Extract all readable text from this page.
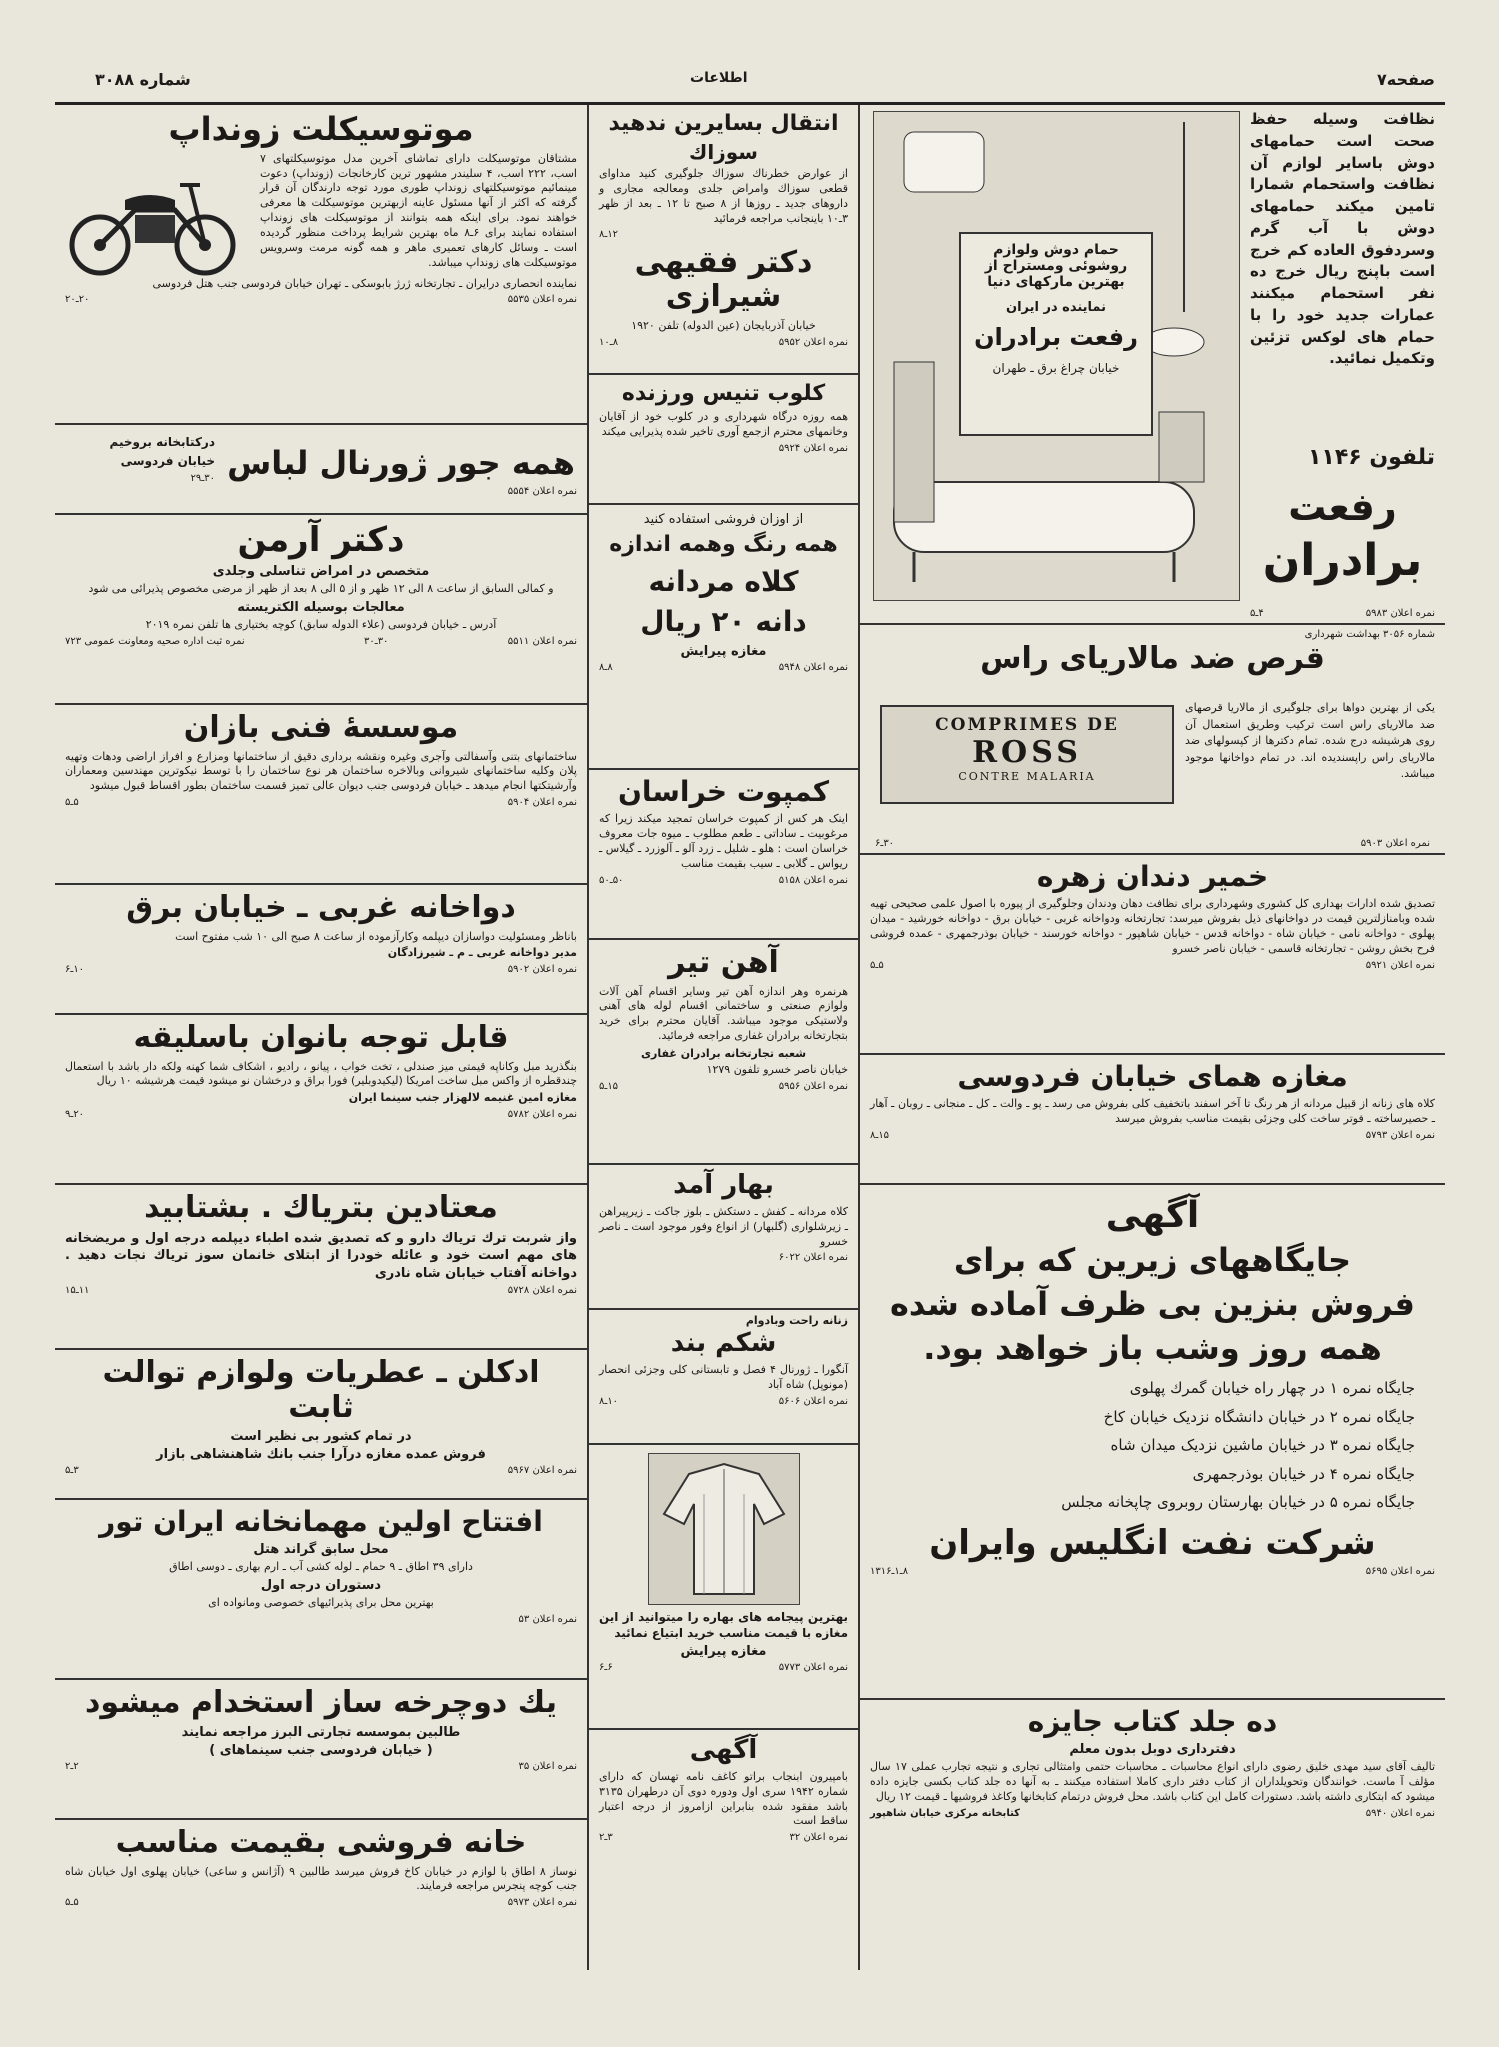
صفحه۷
اطلاعات
شماره ۳۰۸۸
نظافت وسیله حفظ صحت است حمامهای دوش باسایر لوازم آن نظافت واستحمام شمارا تامین میکند حمامهای دوش با آب گرم وسردفوق العاده کم خرج است باپنج ریال خرج ده نفر استحمام میکنند عمارات جدید خود را با حمام های لوکس تزئین وتکمیل نمائید.
تلفون ۱۱۴۶
رفعت
برادران
حمام دوش ولوازم روشوئی ومستراح از بهترین مارکهای دنیا
نماینده در ایران
رفعت برادران
خیابان چراغ برق ـ طهران
نمره اعلان ۵۹۸۳
۴ـ۵
شماره ۳۰۵۶ بهداشت شهرداری
قرص ضد مالاریای راس
یکی از بهترین دواها برای جلوگیری از مالاریا قرصهای ضد مالاریای راس است ترکیب وطریق استعمال آن روی هرشیشه درج شده. تمام دکترها از کپسولهای ضد مالاریای راس راپسندیده اند. در تمام دواخانها موجود میباشد.
COMPRIMES DE
ROSS
CONTRE MALARIA
نمره اعلان ۵۹۰۳
۳۰ـ۶
خمیر دندان زهره

تصدیق شده ادارات بهداری کل کشوری وشهرداری برای نظافت دهان ودندان وجلوگیری از پیوره با اصول علمی صحیحی تهیه شده وبامنازلترین قیمت در دواخانهای ذیل بفروش میرسد: تجارتخانه ودواخانه غربی - خیابان برق - دواخانه خورشید - میدان پهلوی - دواخانه نامی - خیابان شاه - دواخانه قدس - خیابان شاهپور - دواخانه خورسند - خیابان بوذرجمهری - عمده فروشی فرح بخش روشن - تجارتخانه قاسمی - خیابان ناصر خسرو

نمره اعلان ۵۹۲۱
۵ـ۵
مغازه همای خیابان فردوسی

کلاه های زنانه از قبیل مردانه از هر رنگ تا آخر اسفند باتخفیف کلی بفروش می رسد ـ پو ـ والت ـ کل ـ منجانی ـ روبان ـ آهار ـ حصیرساخته ـ فوتر ساخت کلی وجزئی بقیمت مناسب بفروش میرسد

نمره اعلان ۵۷۹۳
۱۵ـ۸
آگهی
جایگاههای زیرین که برای
فروش بنزین بی ظرف آماده شده
همه روز وشب باز خواهد بود.
جایگاه نمره ۱ در چهار راه خیابان گمرك پهلوی
جایگاه نمره ۲ در خیابان دانشگاه نزدیک خیابان کاخ
جایگاه نمره ۳ در خیابان ماشین نزدیک میدان شاه
جایگاه نمره ۴ در خیابان بوذرجمهری
جایگاه نمره ۵ در خیابان بهارستان روبروی چاپخانه مجلس
شرکت نفت انگلیس وایران
نمره اعلان ۵۶۹۵
۸ـ۱ـ۱۳۱۶
ده جلد کتاب جایزه
دفترداری دوبل بدون معلم

تالیف آقای سید مهدی خلیق رضوی دارای انواع محاسبات ـ محاسبات حتمی وامتثالی تجاری و نتیجه تجارب عملی ۱۷ سال مؤلف آ ماست. خوانندگان وتحویلداران از کتاب دفتر داری کاملا استفاده میکنند ـ به آنها ده جلد کتاب بکسی جایزه داده میشود که ابتکاری داشته باشد. دستورات کامل این کتاب باشد. محل فروش درتمام کتابخانها وکاغذ فروشیها ـ قیمت ۱۲ ریال

نمره اعلان ۵۹۴۰
کتابخانه مرکزی خیابان شاهپور
انتقال بسایرین ندهید
سوزاك

از عوارض خطرناك سوزاك جلوگیری کنید مداوای قطعی سوزاك وامراض جلدی ومعالجه مجاری و داروهای جدید ـ روزها از ۸ صبح تا ۱۲ ـ بعد از ظهر ۳ـ۱۰ باینجانب مراجعه فرمائید

۱۲ـ۸
دکتر فقیهی شیرازی

خیابان آذربایجان (عین الدوله) تلفن ۱۹۲۰

نمره اعلان ۵۹۵۲
۸ـ۱۰
کلوب تنیس ورزنده

همه روزه درگاه شهرداری و در کلوب خود از آقایان وخانمهای محترم ازجمع آوری تاخیر شده پذیرایی میکند

نمره اعلان ۵۹۲۴
از اوزان فروشی استفاده کنید
همه رنگ وهمه اندازه
کلاه مردانه
دانه ۲۰ ریال
مغازه پیرایش
نمره اعلان ۵۹۴۸
۸ـ۸
کمپوت خراسان

اینک هر کس از کمپوت خراسان تمجید میکند زیرا که مرغوبیت ـ ساداتی ـ طعم مطلوب ـ میوه جات معروف خراسان است : هلو ـ شلیل ـ زرد آلو ـ آلوزرد ـ گیلاس ـ ریواس ـ گلابی ـ سیب بقیمت مناسب

نمره اعلان ۵۱۵۸
۵۰ـ۵۰
آهن تیر

هرنمره وهر اندازه آهن تیر وسایر اقسام آهن آلات ولوازم صنعتی و ساختمانی اقسام لوله های آهنی ولاستیکی موجود میباشد. آقایان محترم برای خرید بتجارتخانه برادران غفاری مراجعه فرمائید.

شعبه تجارتخانه برادران غفاری

خیابان ناصر خسرو تلفون ۱۲۷۹

نمره اعلان ۵۹۵۶
۱۵ـ۵
بهار آمد

کلاه مردانه ـ کفش ـ دستکش ـ بلوز جاکت ـ زیرپیراهن ـ زیرشلواری (گلبهار) از انواع وفور موجود است ـ ناصر خسرو

نمره اعلان ۶۰۲۲
زنانه راحت وبادوام
شکم بند

آنگورا ـ ژورنال ۴ فصل و تابستانی کلی وجزئی انحصار (مونوپل) شاه آباد

نمره اعلان ۵۶۰۶
۱۰ـ۸

بهترین پیجامه های بهاره را میتوانید از این مغازه با قیمت مناسب خرید ابتیاع نمائید

مغازه پیرایش
نمره اعلان ۵۷۷۳
۶ـ۶
آگهی

بامپیرون ابنجاب براتو کاغف نامه تهسان که دارای شماره ۱۹۴۲ سری اول ودوره دوی آن درطهران ۳۱۳۵ باشد مفقود شده بنابراین ازامروز از درجه اعتبار ساقط است

نمره اعلان ۳۲
۳ـ۲
موتوسیکلت زونداپ

مشتاقان موتوسیکلت دارای تماشای آخرین مدل موتوسیکلتهای ۷ اسب، ۲۲۲ اسب، ۴ سلیندر مشهور ترین کارخانجات (زونداپ) دعوت مینمائیم موتوسیکلتهای زونداپ طوری مورد توجه دارندگان آن قرار گرفته که اکثر از آنها مسئول عاینه ازبهترین موتوسیکلت ها معرفی خواهند نمود. برای اینکه همه بتوانند از موتوسیکلت های زونداپ استفاده نمایند برای ۶ـ۸ ماه بهترین شرایط پرداخت منظور گردیده است ـ وسائل کارهای تعمیری ماهر و همه گونه مرمت وسرویس موتوسیکلت های زونداپ میباشد.

نماینده انحصاری درایران ـ تجارتخانه ژرژ بابوسکی ـ تهران خیابان فردوسی جنب هتل فردوسی

نمره اعلان ۵۵۳۵
۲۰ـ۲۰
درکتابخانه بروخیم
خیابان فردوسی
۳۰ـ۲۹ همه جور ژورنال لباس
نمره اعلان ۵۵۵۴
دکتر آرمن
متخصص در امراض تناسلی وجلدی

و کمالی السابق از ساعت ۸ الی ۱۲ ظهر و از ۵ الی ۸ بعد از ظهر از مرضی مخصوص پذیرائی می شود

معالجات بوسیله الکتریسته

آدرس ـ خیابان فردوسی (علاء الدوله سابق) کوچه بختیاری ها تلفن نمره ۲۰۱۹

نمره اعلان ۵۵۱۱
۳۰ـ۳۰
نمره ثبت اداره صحیه ومعاونت عمومی ۷۲۳
موسسهٔ فنی بازان

ساختمانهای بتنی وآسفالتی وآجری وغیره ونقشه برداری دقیق از ساختمانها ومزارع و افراز اراضی ودهات وتهیه پلان وکلیه ساختمانهای شیروانی وبالاخره ساختمان هر نوع ساختمان را با توسط نیکوترین مهندسین ومعماران وآرشیتکتها انجام میدهد ـ خیابان فردوسی جنب دیوان عالی تمیز قسمت ساختمان بطور اقساط قبول میشود

نمره اعلان ۵۹۰۴
۵ـ۵
دواخانه غربی ـ خیابان برق

باناظر ومسئولیت دواسازان دیپلمه وکارآزموده از ساعت ۸ صبح الی ۱۰ شب مفتوح است

مدیر دواخانه غربی ـ م ـ شیرزادگان

نمره اعلان ۵۹۰۲
۱۰ـ۶
قابل توجه بانوان باسلیقه

بنگذرید مبل وکاناپه قیمتی میز صندلی ، تخت خواب ، پیانو ، رادیو ، اشکاف شما کهنه ولکه دار باشد با استعمال چندقطره از واکس مبل ساخت امریکا (لیکیدوبلیر) فورا براق و درخشان نو میشود قیمت هرشیشه ۱۰ ریال

مغازه امین غنیمه لالهزار جنب سینما ایران

نمره اعلان ۵۷۸۲
۲۰ـ۹
معتادین بتریاك . بشتابید

واز شربت ترك تریاك دارو و که تصدیق شده اطباء دیپلمه درجه اول و مریضخانه های مهم است خود و عائله خودرا از ابتلای خانمان سوز تریاك نجات دهید . دواخانه آفتاب خیابان شاه نادری

نمره اعلان ۵۷۲۸
۱۱ـ۱۵
ادکلن ـ عطریات ولوازم توالت ثابت
در تمام کشور بی نظیر است
فروش عمده مغازه درآرا جنب بانك شاهنشاهی بازار
نمره اعلان ۵۹۶۷
۳ـ۵
افتتاح اولین مهمانخانه ایران تور
محل سابق گراند هتل

دارای ۳۹ اطاق ـ ۹ حمام ـ لوله کشی آب ـ ارم بهاری ـ دوسی اطاق

دستوران درجه اول

بهترین محل برای پذیرائیهای خصوصی ومانواده ای

نمره اعلان ۵۳
یك دوچرخه ساز استخدام میشود
طالبین بموسسه تجارتی البرز مراجعه نمایند
( خیابان فردوسی جنب سینماهای )
نمره اعلان ۳۵
۲ـ۲
خانه فروشی بقیمت مناسب

نوساز ۸ اطاق با لوازم در خیابان کاخ فروش میرسد طالبین ۹ (آژانس و ساعی) خیابان پهلوی اول خیابان شاه جنب کوچه پنجرس مراجعه فرمایند.

نمره اعلان ۵۹۷۳
۵ـ۵
